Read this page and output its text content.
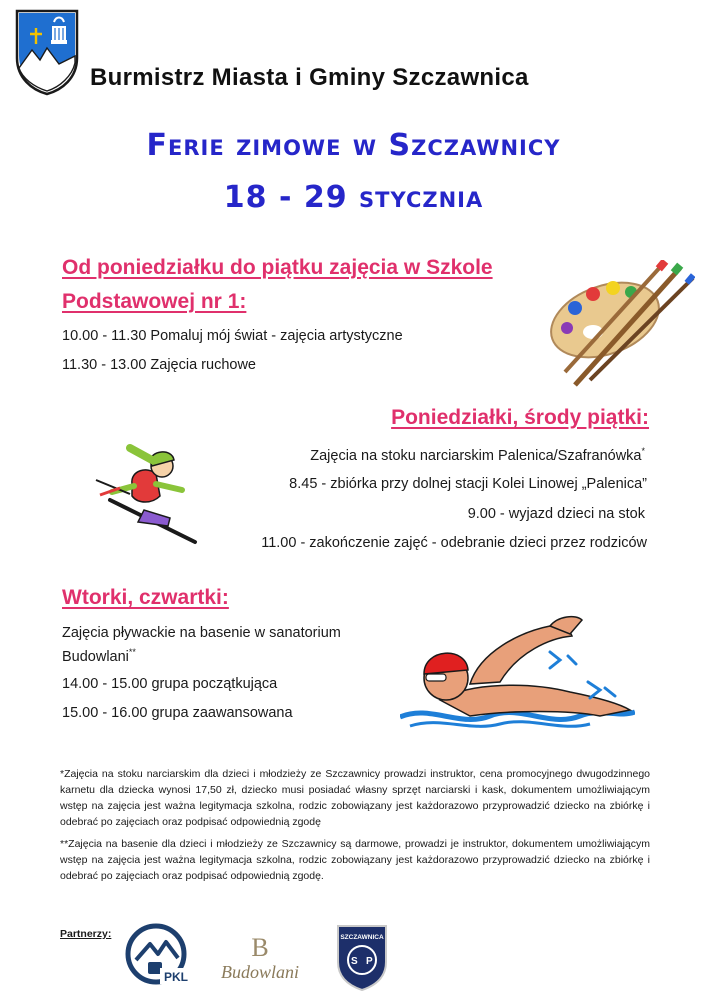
Burmistrz Miasta i Gminy Szczawnica
Ferie zimowe w Szczawnicy
18 - 29 stycznia
Od poniedziałku do piątku zajęcia w Szkole
Podstawowej nr 1:
10.00 - 11.30 Pomaluj mój świat - zajęcia artystyczne
11.30 - 13.00 Zajęcia ruchowe
Poniedziałki, środy piątki:
Zajęcia na stoku narciarskim Palenica/Szafranówka*
8.45 - zbiórka przy dolnej stacji Kolei Linowej „Palenica”
9.00 - wyjazd dzieci na stok
11.00 - zakończenie zajęć - odebranie dzieci przez rodziców
Wtorki, czwartki:
Zajęcia pływackie na basenie w sanatorium
Budowlani**
14.00 - 15.00 grupa początkująca
15.00 - 16.00 grupa zaawansowana
*Zajęcia na stoku narciarskim dla dzieci i młodzieży ze Szczawnicy prowadzi instruktor, cena promocyjnego dwugodzinnego karnetu dla dziecka wynosi 17,50 zł, dziecko musi posiadać własny sprzęt narciarski i kask, dokumentem umożliwiającym wstęp na zajęcia jest ważna legitymacja szkolna, rodzic zobowiązany jest każdorazowo przyprowadzić dziecko na zbiórkę i odebrać po zajęciach oraz podpisać odpowiednią zgodę
**Zajęcia na basenie dla dzieci i młodzieży ze Szczawnicy są darmowe, prowadzi je instruktor, dokumentem umożliwiającym wstęp na zajęcia jest ważna legitymacja szkolna, rodzic zobowiązany jest każdorazowo przyprowadzić dziecko na zbiórkę i odebrać po zajęciach oraz podpisać odpowiednią zgodę.
Partnerzy:
PKL
B
Budowlani
SZCZAWNICA
S P
